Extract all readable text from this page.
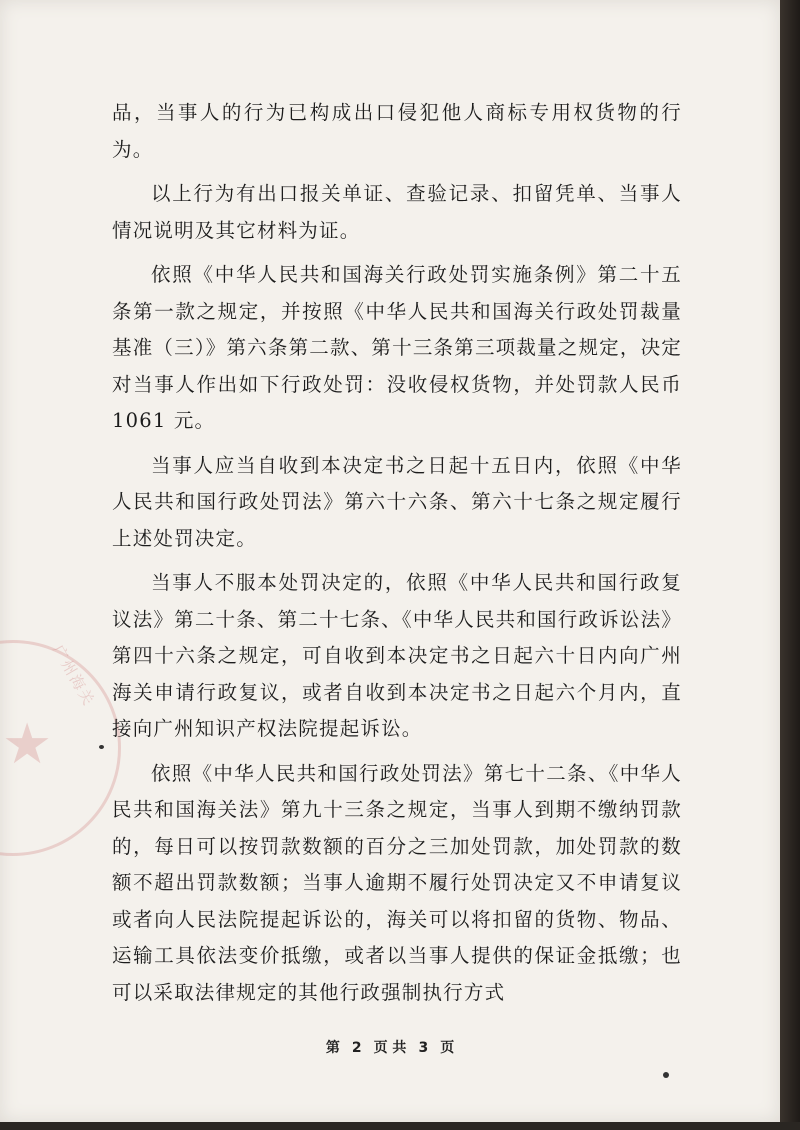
★
广州海关

品，当事人的行为已构成出口侵犯他人商标专用权货物的行为。

以上行为有出口报关单证、查验记录、扣留凭单、当事人情况说明及其它材料为证。

依照《中华人民共和国海关行政处罚实施条例》第二十五条第一款之规定，并按照《中华人民共和国海关行政处罚裁量基准（三）》第六条第二款、第十三条第三项裁量之规定，决定对当事人作出如下行政处罚：没收侵权货物，并处罚款人民币 1061 元。

当事人应当自收到本决定书之日起十五日内，依照《中华人民共和国行政处罚法》第六十六条、第六十七条之规定履行上述处罚决定。

当事人不服本处罚决定的，依照《中华人民共和国行政复议法》第二十条、第二十七条、《中华人民共和国行政诉讼法》第四十六条之规定，可自收到本决定书之日起六十日内向广州海关申请行政复议，或者自收到本决定书之日起六个月内，直接向广州知识产权法院提起诉讼。

依照《中华人民共和国行政处罚法》第七十二条、《中华人民共和国海关法》第九十三条之规定，当事人到期不缴纳罚款的，每日可以按罚款数额的百分之三加处罚款，加处罚款的数额不超出罚款数额；当事人逾期不履行处罚决定又不申请复议或者向人民法院提起诉讼的，海关可以将扣留的货物、物品、运输工具依法变价抵缴，或者以当事人提供的保证金抵缴；也可以采取法律规定的其他行政强制执行方式

第 2 页 共 3 页
